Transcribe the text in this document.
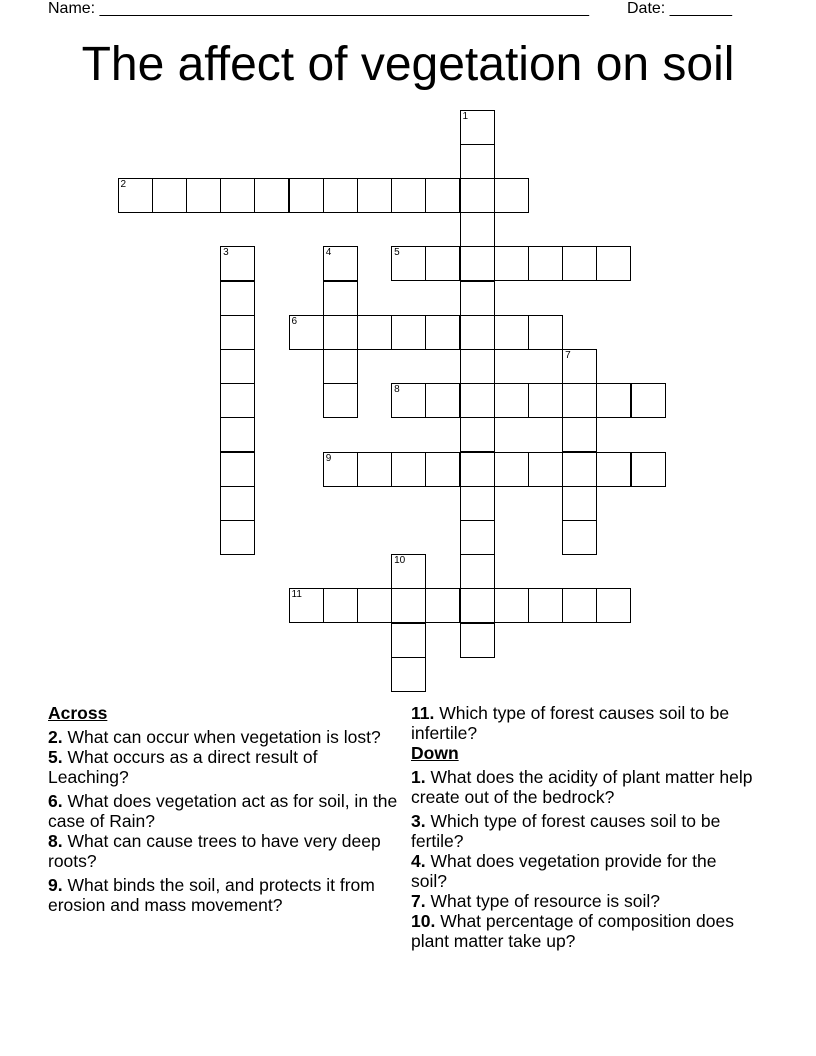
Name: _______________________________________________________ Date: _______
The affect of vegetation on soil
1
2
3	4	5
6
7
8
9
10
11
Across
2. What can occur when vegetation is lost?
5. What occurs as a direct result of Leaching?
6. What does vegetation act as for soil, in the case of Rain?
8. What can cause trees to have very deep roots?
9. What binds the soil, and protects it from erosion and mass movement?
11. Which type of forest causes soil to be infertile?
Down
1. What does the acidity of plant matter help create out of the bedrock?
3. Which type of forest causes soil to be fertile?
4. What does vegetation provide for the soil?
7. What type of resource is soil?
10. What percentage of composition does plant matter take up?
